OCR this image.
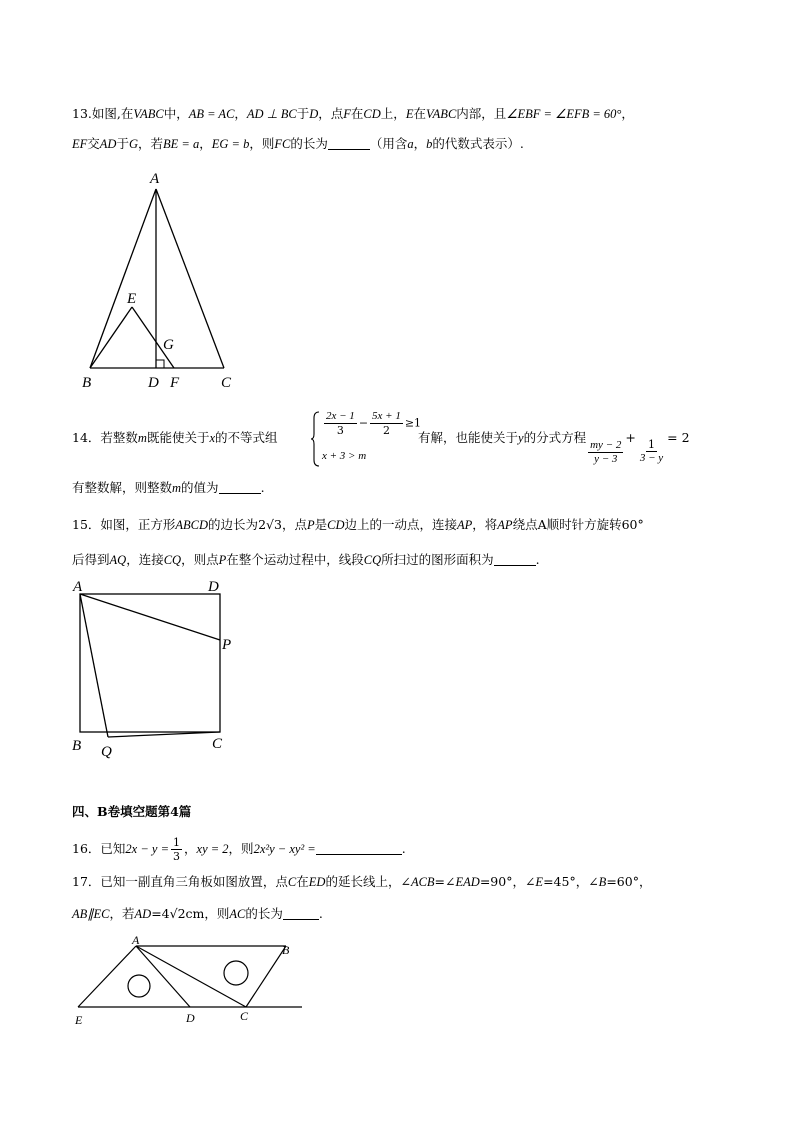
13.如图,在VABC中，AB = AC，AD ⊥ BC于D，点F在CD上，E在VABC内部，且∠EBF = ∠EFB = 60°，
EF交AD于G，若BE = a，EG = b，则FC的长为	（用含a，b的代数式表示）.
A
B	C
D
E
F
G
14．若整数m既能使关于x的不等式组
$\frac{2x - 1}{3} - \frac{5x + 1}{2} \ge 1$
x + 3 > m
有解，也能使关于y的分式方程
$\frac{my - 2}{y - 3}$
+
$\frac{1}{3 - y}$
= 2
有整数解，则整数m的值为	.
15．如图，正方形ABCD的边长为2√3，点P是CD边上的一动点，连接AP，将AP绕点A顺时针方旋转60°
后得到AQ，连接CQ，则点P在整个运动过程中，线段CQ所扫过的图形面积为	.
A	D
P
B	C
Q
四、B卷填空题第4篇
16．已知$2x - y = \frac{1}{3}$ ，xy = 2，则2x²y − xy² =	.
17．已知一副直角三角板如图放置，点C在ED的延长线上，∠ACB=∠EAD=90°，∠E=45°，∠B=60°，
AB∥EC，若AD=4√2cm，则AC的长为	.
A
B
C
D
E
